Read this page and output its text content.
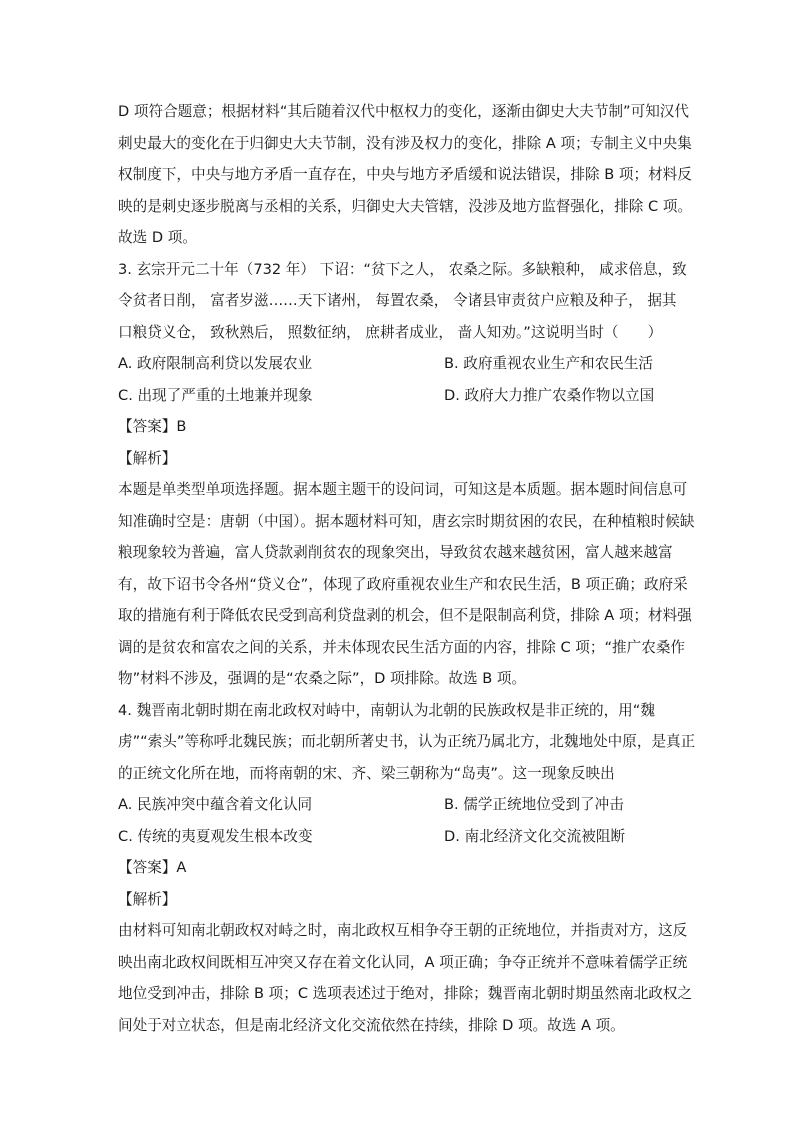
D 项符合题意；根据材料“其后随着汉代中枢权力的变化，逐渐由御史大夫节制”可知汉代
刺史最大的变化在于归御史大夫节制，没有涉及权力的变化，排除 A 项；专制主义中央集
权制度下，中央与地方矛盾一直存在，中央与地方矛盾缓和说法错误，排除 B 项；材料反
映的是刺史逐步脱离与丞相的关系，归御史大夫管辖，没涉及地方监督强化，排除 C 项。
故选 D 项。
3. 玄宗开元二十年（732 年） 下诏：“贫下之人， 农桑之际。多缺粮种， 咸求倍息，致
令贫者日削， 富者岁滋……天下诸州， 每置农桑， 令诸县审责贫户应粮及种子， 据其
口粮贷义仓， 致秋熟后， 照数征纳， 庶耕者成业， 啬人知劝。”这说明当时（　　）
A. 政府限制高利贷以发展农业	B. 政府重视农业生产和农民生活
C. 出现了严重的土地兼并现象	D. 政府大力推广农桑作物以立国
【答案】B
【解析】
本题是单类型单项选择题。据本题主题干的设问词，可知这是本质题。据本题时间信息可
知准确时空是：唐朝（中国）。据本题材料可知，唐玄宗时期贫困的农民，在种植粮时候缺
粮现象较为普遍，富人贷款剥削贫农的现象突出，导致贫农越来越贫困，富人越来越富
有，故下诏书令各州“贷义仓”，体现了政府重视农业生产和农民生活，B 项正确；政府采
取的措施有利于降低农民受到高利贷盘剥的机会，但不是限制高利贷，排除 A 项；材料强
调的是贫农和富农之间的关系，并未体现农民生活方面的内容，排除 C 项；“推广农桑作
物”材料不涉及，强调的是“农桑之际”，D 项排除。故选 B 项。
4. 魏晋南北朝时期在南北政权对峙中，南朝认为北朝的民族政权是非正统的，用“魏
虏”“索头”等称呼北魏民族；而北朝所著史书，认为正统乃属北方，北魏地处中原，是真正
的正统文化所在地，而将南朝的宋、齐、梁三朝称为“岛夷”。这一现象反映出
A. 民族冲突中蕴含着文化认同	B. 儒学正统地位受到了冲击
C. 传统的夷夏观发生根本改变	D. 南北经济文化交流被阻断
【答案】A
【解析】
由材料可知南北朝政权对峙之时，南北政权互相争夺王朝的正统地位，并指责对方，这反
映出南北政权间既相互冲突又存在着文化认同，A 项正确；争夺正统并不意味着儒学正统
地位受到冲击，排除 B 项；C 选项表述过于绝对，排除；魏晋南北朝时期虽然南北政权之
间处于对立状态，但是南北经济文化交流依然在持续，排除 D 项。故选 A 项。
